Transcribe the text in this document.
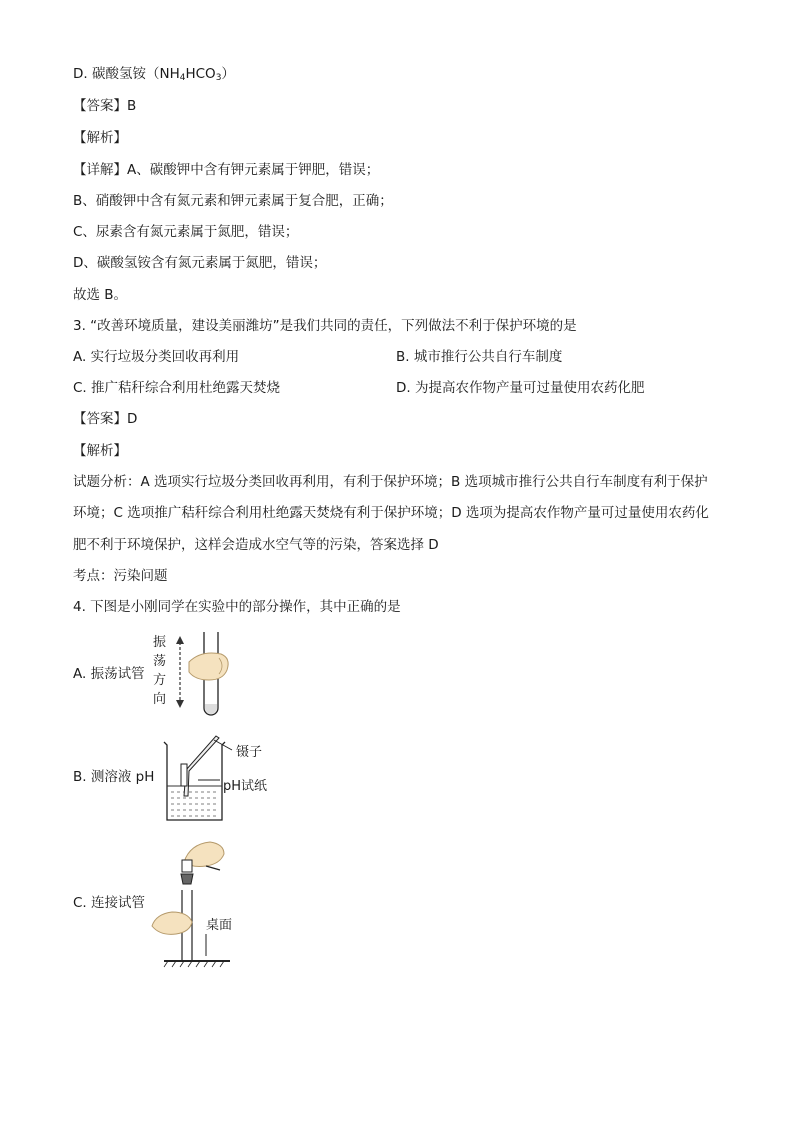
D. 碳酸氢铵$(NH_4HCO_3)$
【答案】B
【解析】
【详解】A、碳酸钾中含有钾元素属于钾肥，错误；
B、硝酸钾中含有氮元素和钾元素属于复合肥，正确；
C、尿素含有氮元素属于氮肥，错误；
D、碳酸氢铵含有氮元素属于氮肥，错误；
故选 B。
3. “改善环境质量，建设美丽潍坊”是我们共同的责任，下列做法不利于保护环境的是
A. 实行垃圾分类回收再利用	B. 城市推行公共自行车制度
C. 推广秸秆综合利用杜绝露天焚烧	D. 为提高农作物产量可过量使用农药化肥
【答案】D
【解析】
试题分析：A 选项实行垃圾分类回收再利用，有利于保护环境；B 选项城市推行公共自行车制度有利于保护
环境；C 选项推广秸秆综合利用杜绝露天焚烧有利于保护环境；D 选项为提高农作物产量可过量使用农药化
肥不利于环境保护，这样会造成水空气等的污染，答案选择 D
考点：污染问题
4. 下图是小刚同学在实验中的部分操作，其中正确的是
A. 振荡试管
振
荡
方
向
B. 测溶液 pH
镊子
pH试纸
C. 连接试管
桌面
